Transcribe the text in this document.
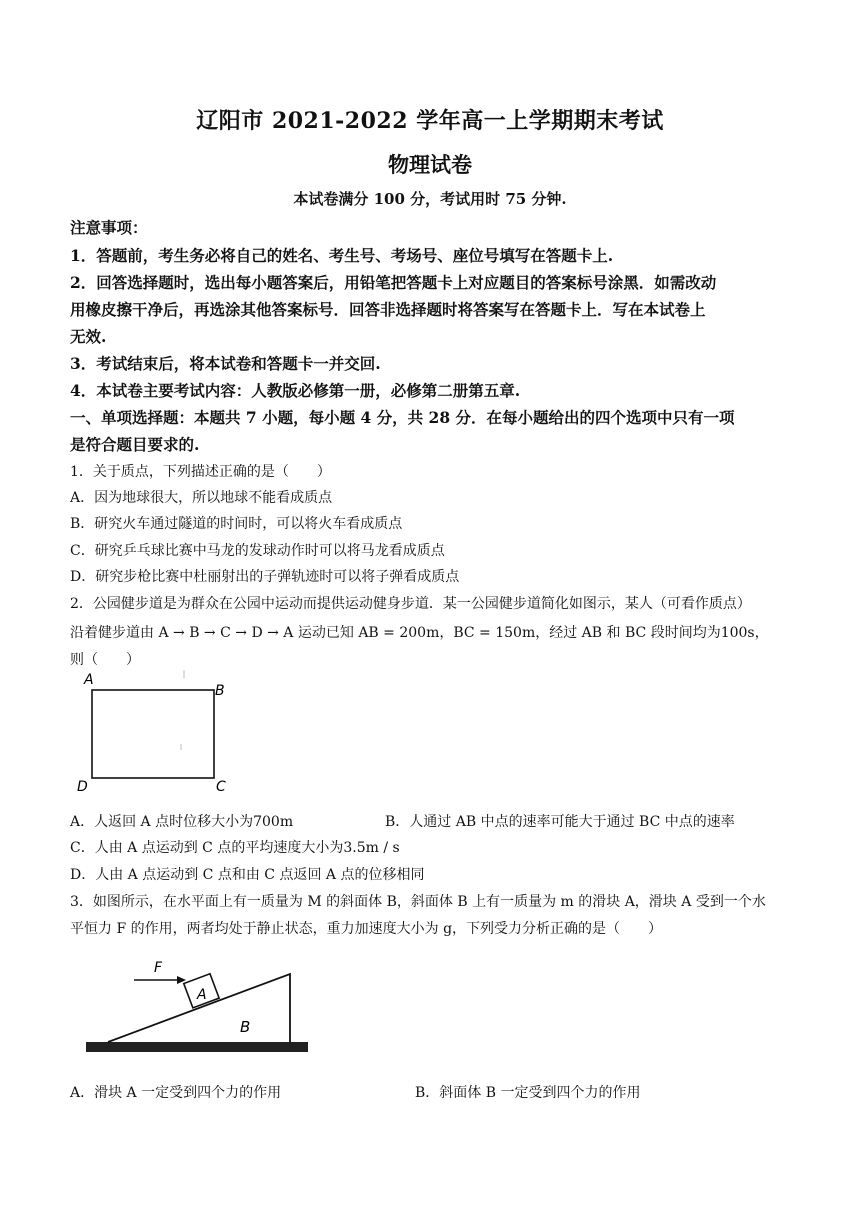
辽阳市 2021-2022 学年高一上学期期末考试
物理试卷
本试卷满分 100 分，考试用时 75 分钟.
注意事项：
1．答题前，考生务必将自己的姓名、考生号、考场号、座位号填写在答题卡上.
2．回答选择题时，选出每小题答案后，用铅笔把答题卡上对应题目的答案标号涂黑．如需改动
用橡皮擦干净后，再选涂其他答案标号．回答非选择题时将答案写在答题卡上．写在本试卷上
无效.
3．考试结束后，将本试卷和答题卡一并交回.
4．本试卷主要考试内容：人教版必修第一册，必修第二册第五章.
一、单项选择题：本题共 7 小题，每小题 4 分，共 28 分．在每小题给出的四个选项中只有一项
是符合题目要求的.
1．关于质点，下列描述正确的是（　　）
A．因为地球很大，所以地球不能看成质点
B．研究火车通过隧道的时间时，可以将火车看成质点
C．研究乒乓球比赛中马龙的发球动作时可以将马龙看成质点
D．研究步枪比赛中杜丽射出的子弹轨迹时可以将子弹看成质点
2．公园健步道是为群众在公园中运动而提供运动健身步道．某一公园健步道简化如图示，某人（可看作质点）
沿着健步道由 A → B → C → D → A 运动已知 AB = 200m，BC = 150m，经过 AB 和 BC 段时间均为100s，
则（　　）
A
B
C
D
A．人返回 A 点时位移大小为700m	B．人通过 AB 中点的速率可能大于通过 BC 中点的速率
C．人由 A 点运动到 C 点的平均速度大小为3.5m / s
D．人由 A 点运动到 C 点和由 C 点返回 A 点的位移相同
3．如图所示，在水平面上有一质量为 M 的斜面体 B，斜面体 B 上有一质量为 m 的滑块 A，滑块 A 受到一个水
平恒力 F 的作用，两者均处于静止状态，重力加速度大小为 g，下列受力分析正确的是（　　）
F
A
B
A．滑块 A 一定受到四个力的作用	B．斜面体 B 一定受到四个力的作用
